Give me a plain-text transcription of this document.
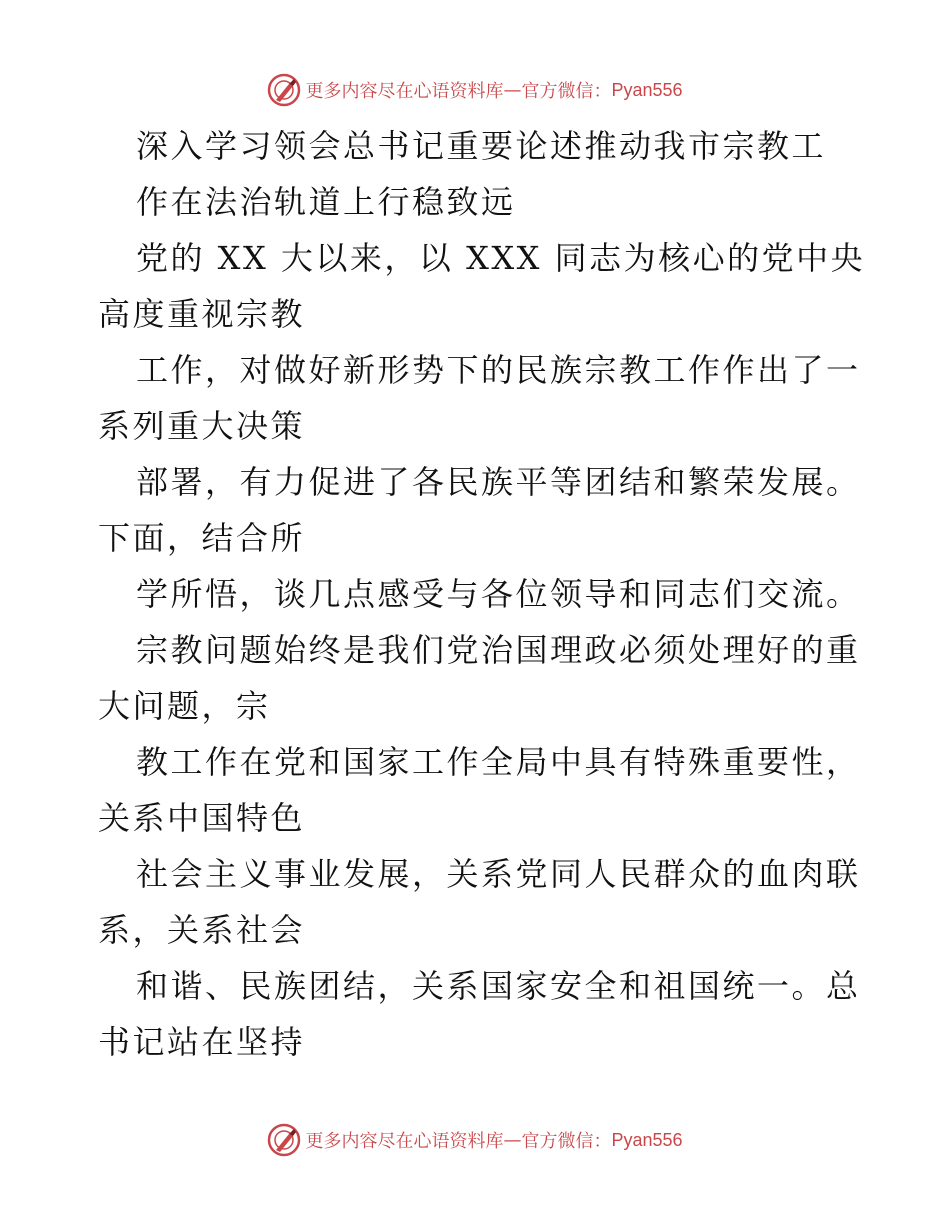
更多内容尽在心语资料库 — 官方微信： Pyan556
深入学习领会总书记重要论述推动我市宗教工
作在法治轨道上行稳致远
党的 XX 大以来，以 XXX 同志为核心的党中央
高度重视宗教
工作，对做好新形势下的民族宗教工作作出了一
系列重大决策
部署，有力促进了各民族平等团结和繁荣发展。
下面，结合所
学所悟，谈几点感受与各位领导和同志们交流。
宗教问题始终是我们党治国理政必须处理好的重
大问题，宗
教工作在党和国家工作全局中具有特殊重要性，
关系中国特色
社会主义事业发展，关系党同人民群众的血肉联
系，关系社会
和谐、民族团结，关系国家安全和祖国统一。总
书记站在坚持
更多内容尽在心语资料库 — 官方微信： Pyan556
